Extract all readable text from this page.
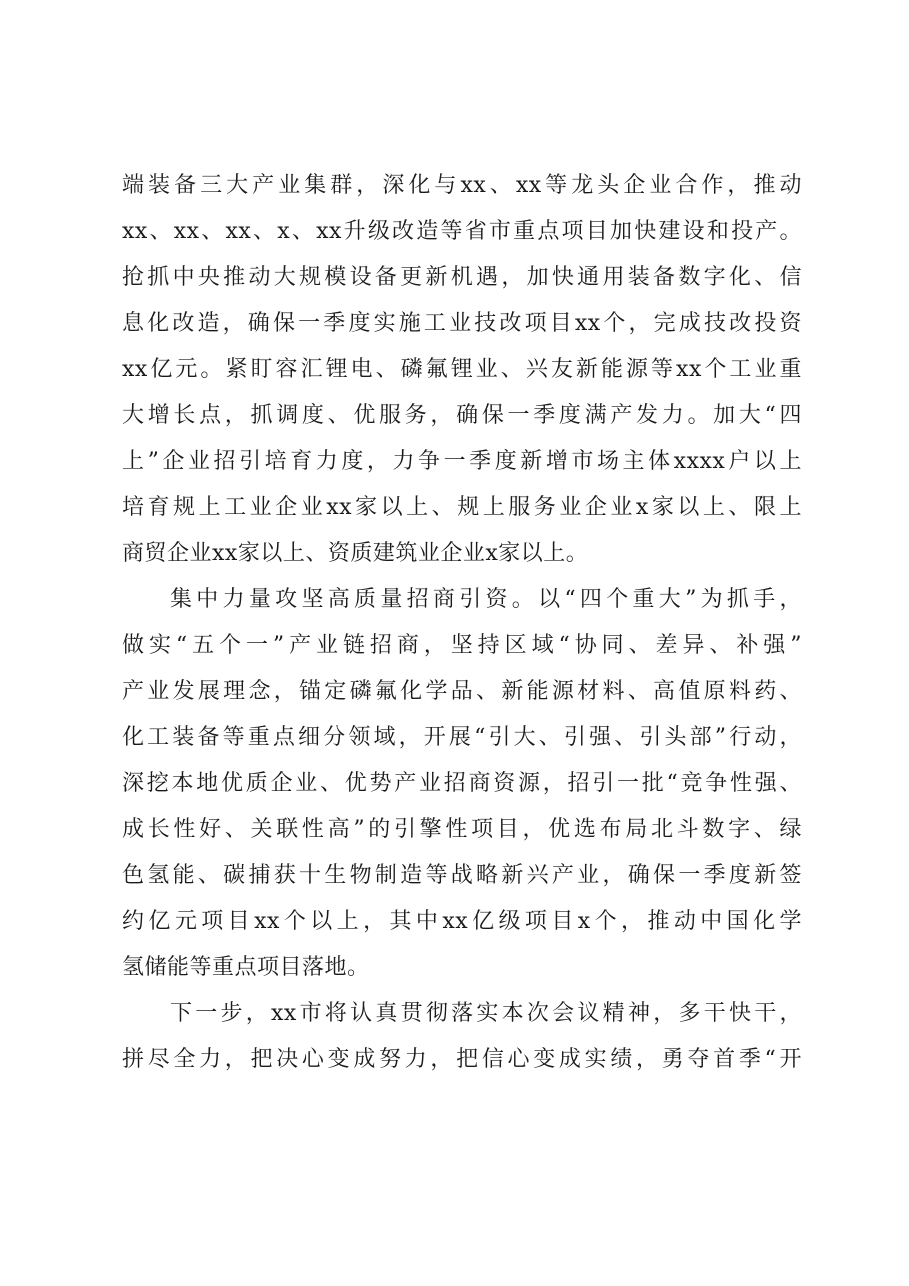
端装备三大产业集群，深化与xx、xx等龙头企业合作，推动
xx、xx、xx、x、xx升级改造等省市重点项目加快建设和投产。
抢抓中央推动大规模设备更新机遇，加快通用装备数字化、信
息化改造，确保一季度实施工业技改项目xx个，完成技改投资
xx亿元。紧盯容汇锂电、磷氟锂业、兴友新能源等xx个工业重
大增长点，抓调度、优服务，确保一季度满产发力。加大“四
上”企业招引培育力度，力争一季度新增市场主体xxxx户以上
培育规上工业企业xx家以上、规上服务业企业x家以上、限上
商贸企业xx家以上、资质建筑业企业x家以上。
集中力量攻坚高质量招商引资。以“四个重大”为抓手，
做实“五个一”产业链招商，坚持区域“协同、差异、补强”
产业发展理念，锚定磷氟化学品、新能源材料、高值原料药、
化工装备等重点细分领域，开展“引大、引强、引头部”行动，
深挖本地优质企业、优势产业招商资源，招引一批“竞争性强、
成长性好、关联性高”的引擎性项目，优选布局北斗数字、绿
色氢能、碳捕获十生物制造等战略新兴产业，确保一季度新签
约亿元项目xx个以上，其中xx亿级项目x个，推动中国化学
氢储能等重点项目落地。
下一步，xx市将认真贯彻落实本次会议精神，多干快干，
拼尽全力，把决心变成努力，把信心变成实绩，勇夺首季“开
